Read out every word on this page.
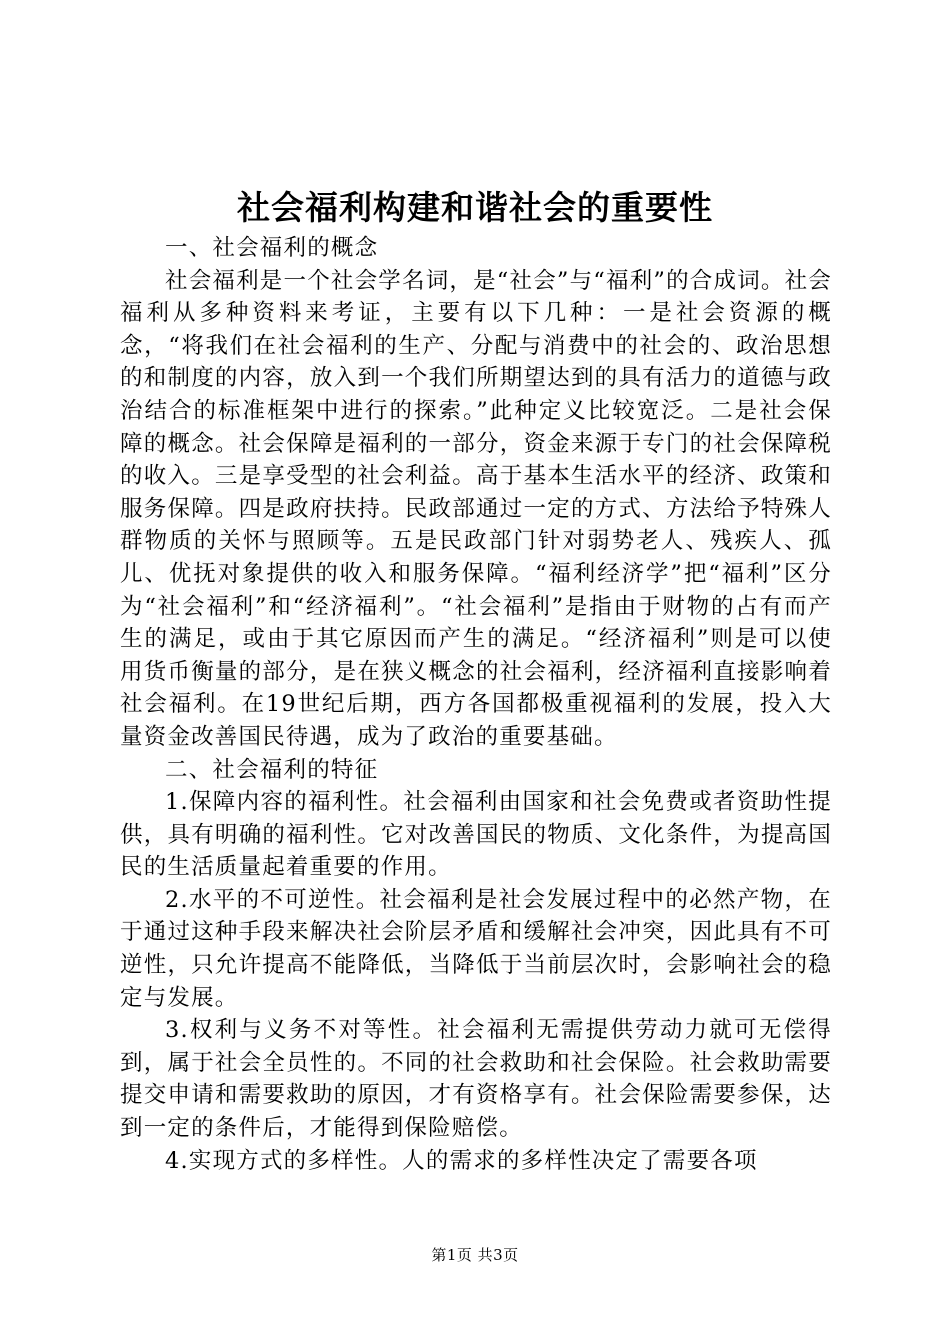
社会福利构建和谐社会的重要性

一、社会福利的概念

社会福利是一个社会学名词，是“社会”与“福利”的合成词。社会福利从多种资料来考证，主要有以下几种：一是社会资源的概念，“将我们在社会福利的生产、分配与消费中的社会的、政治思想的和制度的内容，放入到一个我们所期望达到的具有活力的道德与政治结合的标准框架中进行的探索。”此种定义比较宽泛。二是社会保障的概念。社会保障是福利的一部分，资金来源于专门的社会保障税的收入。三是享受型的社会利益。高于基本生活水平的经济、政策和服务保障。四是政府扶持。民政部通过一定的方式、方法给予特殊人群物质的关怀与照顾等。五是民政部门针对弱势老人、残疾人、孤儿、优抚对象提供的收入和服务保障。“福利经济学”把“福利”区分为“社会福利”和“经济福利”。“社会福利”是指由于财物的占有而产生的满足，或由于其它原因而产生的满足。“经济福利”则是可以使用货币衡量的部分，是在狭义概念的社会福利，经济福利直接影响着社会福利。在19世纪后期，西方各国都极重视福利的发展，投入大量资金改善国民待遇，成为了政治的重要基础。

二、社会福利的特征

1.保障内容的福利性。社会福利由国家和社会免费或者资助性提供，具有明确的福利性。它对改善国民的物质、文化条件，为提高国民的生活质量起着重要的作用。

2.水平的不可逆性。社会福利是社会发展过程中的必然产物，在于通过这种手段来解决社会阶层矛盾和缓解社会冲突，因此具有不可逆性，只允许提高不能降低，当降低于当前层次时，会影响社会的稳定与发展。

3.权利与义务不对等性。社会福利无需提供劳动力就可无偿得到，属于社会全员性的。不同的社会救助和社会保险。社会救助需要提交申请和需要救助的原因，才有资格享有。社会保险需要参保，达到一定的条件后，才能得到保险赔偿。

4.实现方式的多样性。人的需求的多样性决定了需要各项

第1页 共3页
